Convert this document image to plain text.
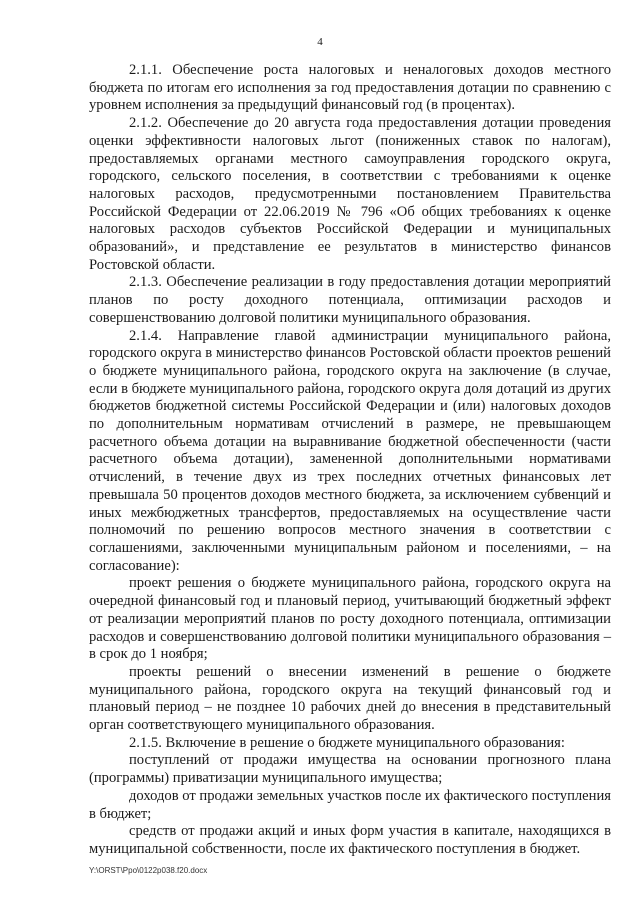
4

2.1.1. Обеспечение роста налоговых и неналоговых доходов местного бюджета по итогам его исполнения за год предоставления дотации по сравнению с уровнем исполнения за предыдущий финансовый год (в процентах).

2.1.2. Обеспечение до 20 августа года предоставления дотации проведения оценки эффективности налоговых льгот (пониженных ставок по налогам), предоставляемых органами местного самоуправления городского округа, городского, сельского поселения, в соответствии с требованиями к оценке налоговых расходов, предусмотренными постановлением Правительства Российской Федерации от 22.06.2019 № 796 «Об общих требованиях к оценке налоговых расходов субъектов Российской Федерации и муниципальных образований», и представление ее результатов в министерство финансов Ростовской области.

2.1.3. Обеспечение реализации в году предоставления дотации мероприятий планов по росту доходного потенциала, оптимизации расходов и совершенствованию долговой политики муниципального образования.

2.1.4. Направление главой администрации муниципального района, городского округа в министерство финансов Ростовской области проектов решений о бюджете муниципального района, городского округа на заключение (в случае, если в бюджете муниципального района, городского округа доля дотаций из других бюджетов бюджетной системы Российской Федерации и (или) налоговых доходов по дополнительным нормативам отчислений в размере, не превышающем расчетного объема дотации на выравнивание бюджетной обеспеченности (части расчетного объема дотации), замененной дополнительными нормативами отчислений, в течение двух из трех последних отчетных финансовых лет превышала 50 процентов доходов местного бюджета, за исключением субвенций и иных межбюджетных трансфертов, предоставляемых на осуществление части полномочий по решению вопросов местного значения в соответствии с соглашениями, заключенными муниципальным районом и поселениями, – на согласование):

проект решения о бюджете муниципального района, городского округа на очередной финансовый год и плановый период, учитывающий бюджетный эффект от реализации мероприятий планов по росту доходного потенциала, оптимизации расходов и совершенствованию долговой политики муниципального образования – в срок до 1 ноября;

проекты решений о внесении изменений в решение о бюджете муниципального района, городского округа на текущий финансовый год и плановый период – не позднее 10 рабочих дней до внесения в представительный орган соответствующего муниципального образования.

2.1.5. Включение в решение о бюджете муниципального образования:

поступлений от продажи имущества на основании прогнозного плана (программы) приватизации муниципального имущества;

доходов от продажи земельных участков после их фактического поступления в бюджет;

средств от продажи акций и иных форм участия в капитале, находящихся в муниципальной собственности, после их фактического поступления в бюджет.

Y:\ORST\Ppo\0122p038.f20.docx
